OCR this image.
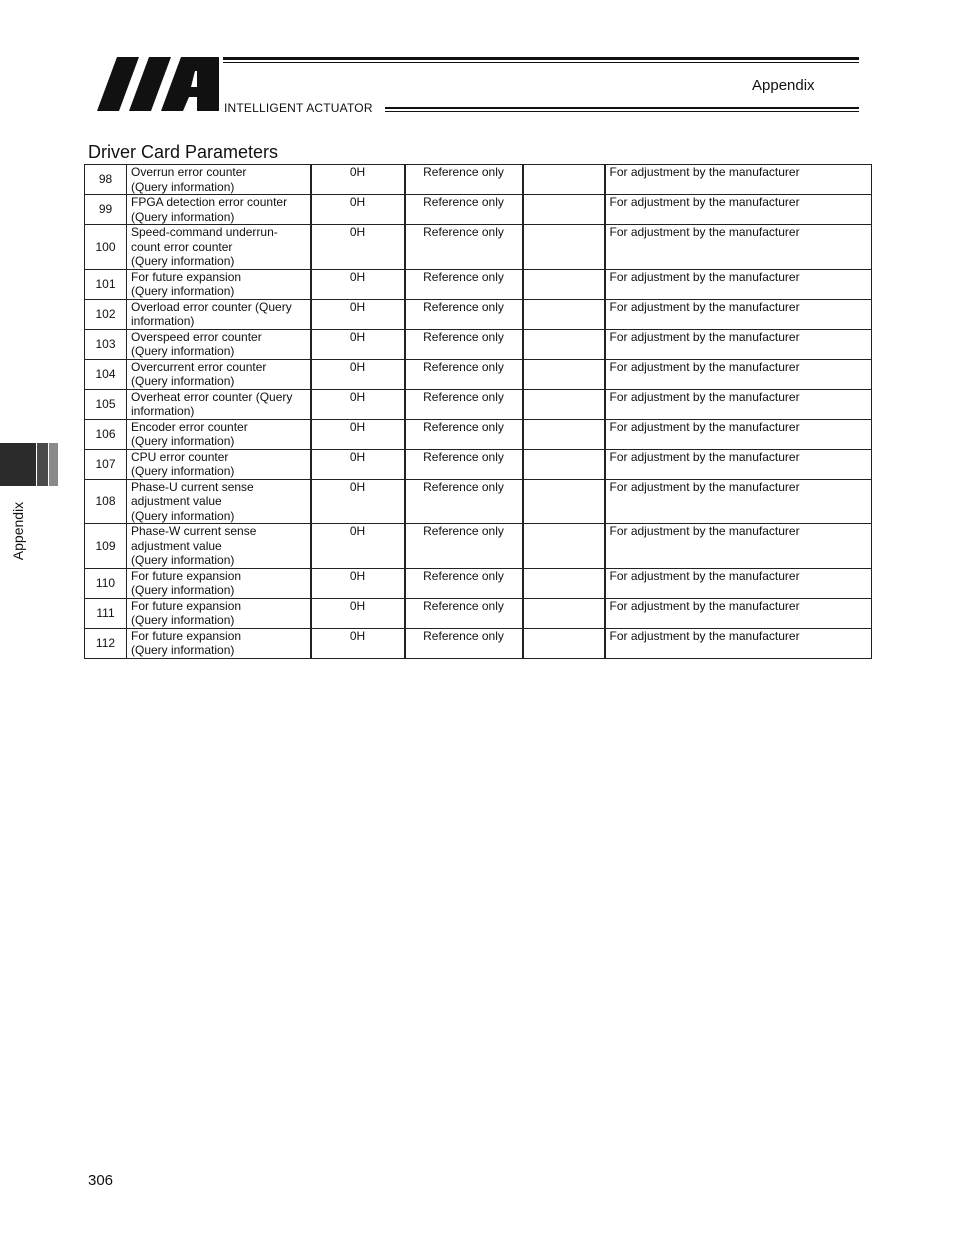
INTELLIGENT ACTUATOR
Appendix
Driver Card Parameters
Appendix
98	Overrun error counter
(Query information)	0H	Reference only		For adjustment by the manufacturer
99	FPGA detection error counter
(Query information)	0H	Reference only		For adjustment by the manufacturer
100	Speed-command underrun-
count error counter
(Query information)	0H	Reference only		For adjustment by the manufacturer
101	For future expansion
(Query information)	0H	Reference only		For adjustment by the manufacturer
102	Overload error counter (Query
information)	0H	Reference only		For adjustment by the manufacturer
103	Overspeed error counter
(Query information)	0H	Reference only		For adjustment by the manufacturer
104	Overcurrent error counter
(Query information)	0H	Reference only		For adjustment by the manufacturer
105	Overheat error counter (Query
information)	0H	Reference only		For adjustment by the manufacturer
106	Encoder error counter
(Query information)	0H	Reference only		For adjustment by the manufacturer
107	CPU error counter
(Query information)	0H	Reference only		For adjustment by the manufacturer
108	Phase-U current sense
adjustment value
(Query information)	0H	Reference only		For adjustment by the manufacturer
109	Phase-W current sense
adjustment value
(Query information)	0H	Reference only		For adjustment by the manufacturer
110	For future expansion
(Query information)	0H	Reference only		For adjustment by the manufacturer
111	For future expansion
(Query information)	0H	Reference only		For adjustment by the manufacturer
112	For future expansion
(Query information)	0H	Reference only		For adjustment by the manufacturer
306
